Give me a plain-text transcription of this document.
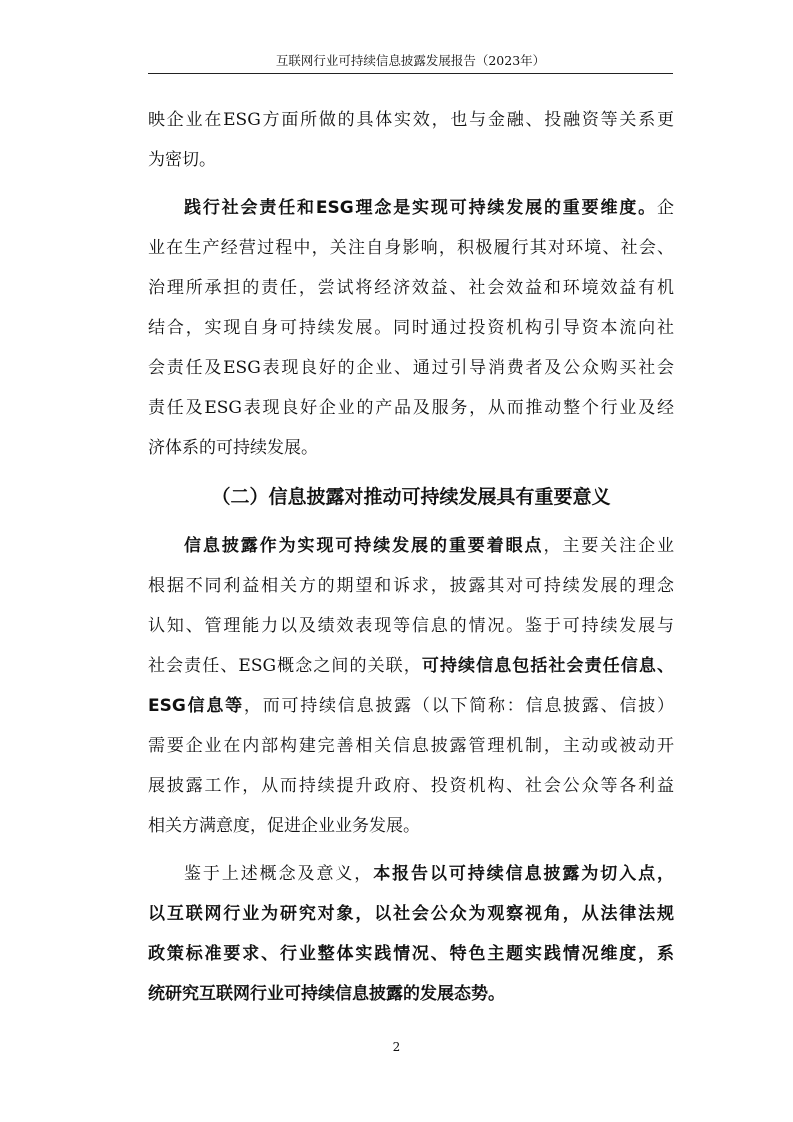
互联网行业可持续信息披露发展报告（2023年）
映企业在ESG方面所做的具体实效，也与金融、投融资等关系更
为密切。
践行社会责任和ESG理念是实现可持续发展的重要维度。企
业在生产经营过程中，关注自身影响，积极履行其对环境、社会、
治理所承担的责任，尝试将经济效益、社会效益和环境效益有机
结合，实现自身可持续发展。同时通过投资机构引导资本流向社
会责任及ESG表现良好的企业、通过引导消费者及公众购买社会
责任及ESG表现良好企业的产品及服务，从而推动整个行业及经
济体系的可持续发展。
（二）信息披露对推动可持续发展具有重要意义
信息披露作为实现可持续发展的重要着眼点，主要关注企业
根据不同利益相关方的期望和诉求，披露其对可持续发展的理念
认知、管理能力以及绩效表现等信息的情况。鉴于可持续发展与
社会责任、ESG概念之间的关联，可持续信息包括社会责任信息、
ESG信息等，而可持续信息披露（以下简称：信息披露、信披）
需要企业在内部构建完善相关信息披露管理机制，主动或被动开
展披露工作，从而持续提升政府、投资机构、社会公众等各利益
相关方满意度，促进企业业务发展。
鉴于上述概念及意义，本报告以可持续信息披露为切入点，
以互联网行业为研究对象，以社会公众为观察视角，从法律法规
政策标准要求、行业整体实践情况、特色主题实践情况维度，系
统研究互联网行业可持续信息披露的发展态势。
2
